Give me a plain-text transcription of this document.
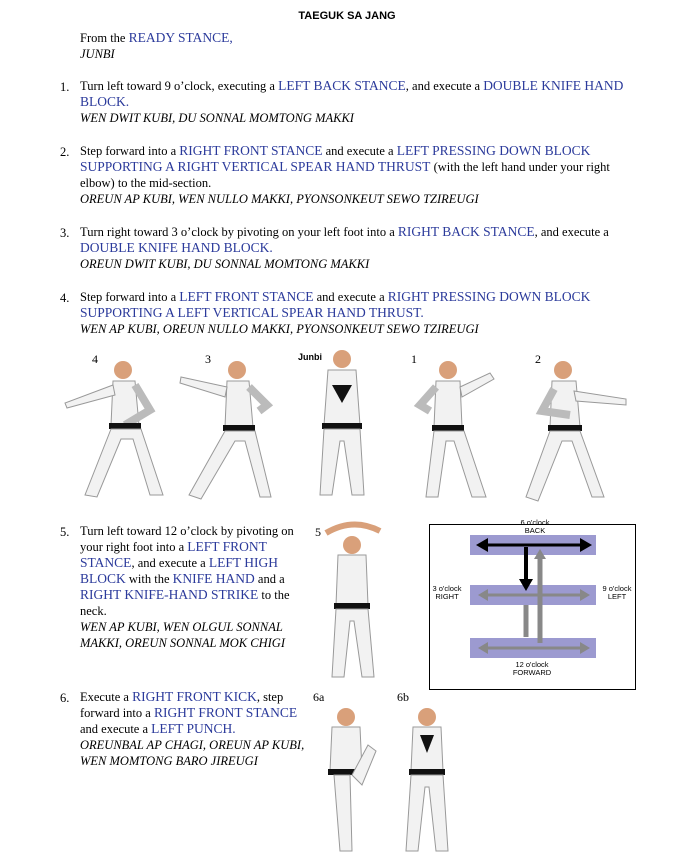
TAEGUK SA JANG
From the READY STANCE,
JUNBI
1. Turn left toward 9 o’clock, executing a LEFT BACK STANCE, and execute a DOUBLE KNIFE HAND BLOCK.
WEN DWIT KUBI, DU SONNAL MOMTONG MAKKI
2. Step forward into a RIGHT FRONT STANCE and execute a LEFT PRESSING DOWN BLOCK SUPPORTING A RIGHT VERTICAL SPEAR HAND THRUST (with the left hand under your right elbow) to the mid-section.
OREUN AP KUBI, WEN NULLO MAKKI, PYONSONKEUT SEWO TZIREUGI
3. Turn right toward 3 o’clock by pivoting on your left foot into a RIGHT BACK STANCE, and execute a DOUBLE KNIFE HAND BLOCK.
OREUN DWIT KUBI, DU SONNAL MOMTONG MAKKI
4. Step forward into a LEFT FRONT STANCE and execute a RIGHT PRESSING DOWN BLOCK SUPPORTING A LEFT VERTICAL SPEAR HAND THRUST.
WEN AP KUBI, OREUN NULLO MAKKI, PYONSONKEUT SEWO TZIREUGI
4	3	Junbi	1	2
5. Turn left toward 12 o’clock by pivoting on your right foot into a LEFT FRONT STANCE, and execute a LEFT HIGH BLOCK with the KNIFE HAND and a RIGHT KNIFE-HAND STRIKE to the neck.
WEN AP KUBI, WEN OLGUL SONNAL MAKKI, OREUN SONNAL MOK CHIGI
5
6 o'clock
BACK
3 o'clock
RIGHT
9 o'clock
LEFT
12 o'clock
FORWARD
6. Execute a RIGHT FRONT KICK, step forward into a RIGHT FRONT STANCE and execute a LEFT PUNCH.
OREUNBAL AP CHAGI, OREUN AP KUBI, WEN MOMTONG BARO JIREUGI
6a	6b
